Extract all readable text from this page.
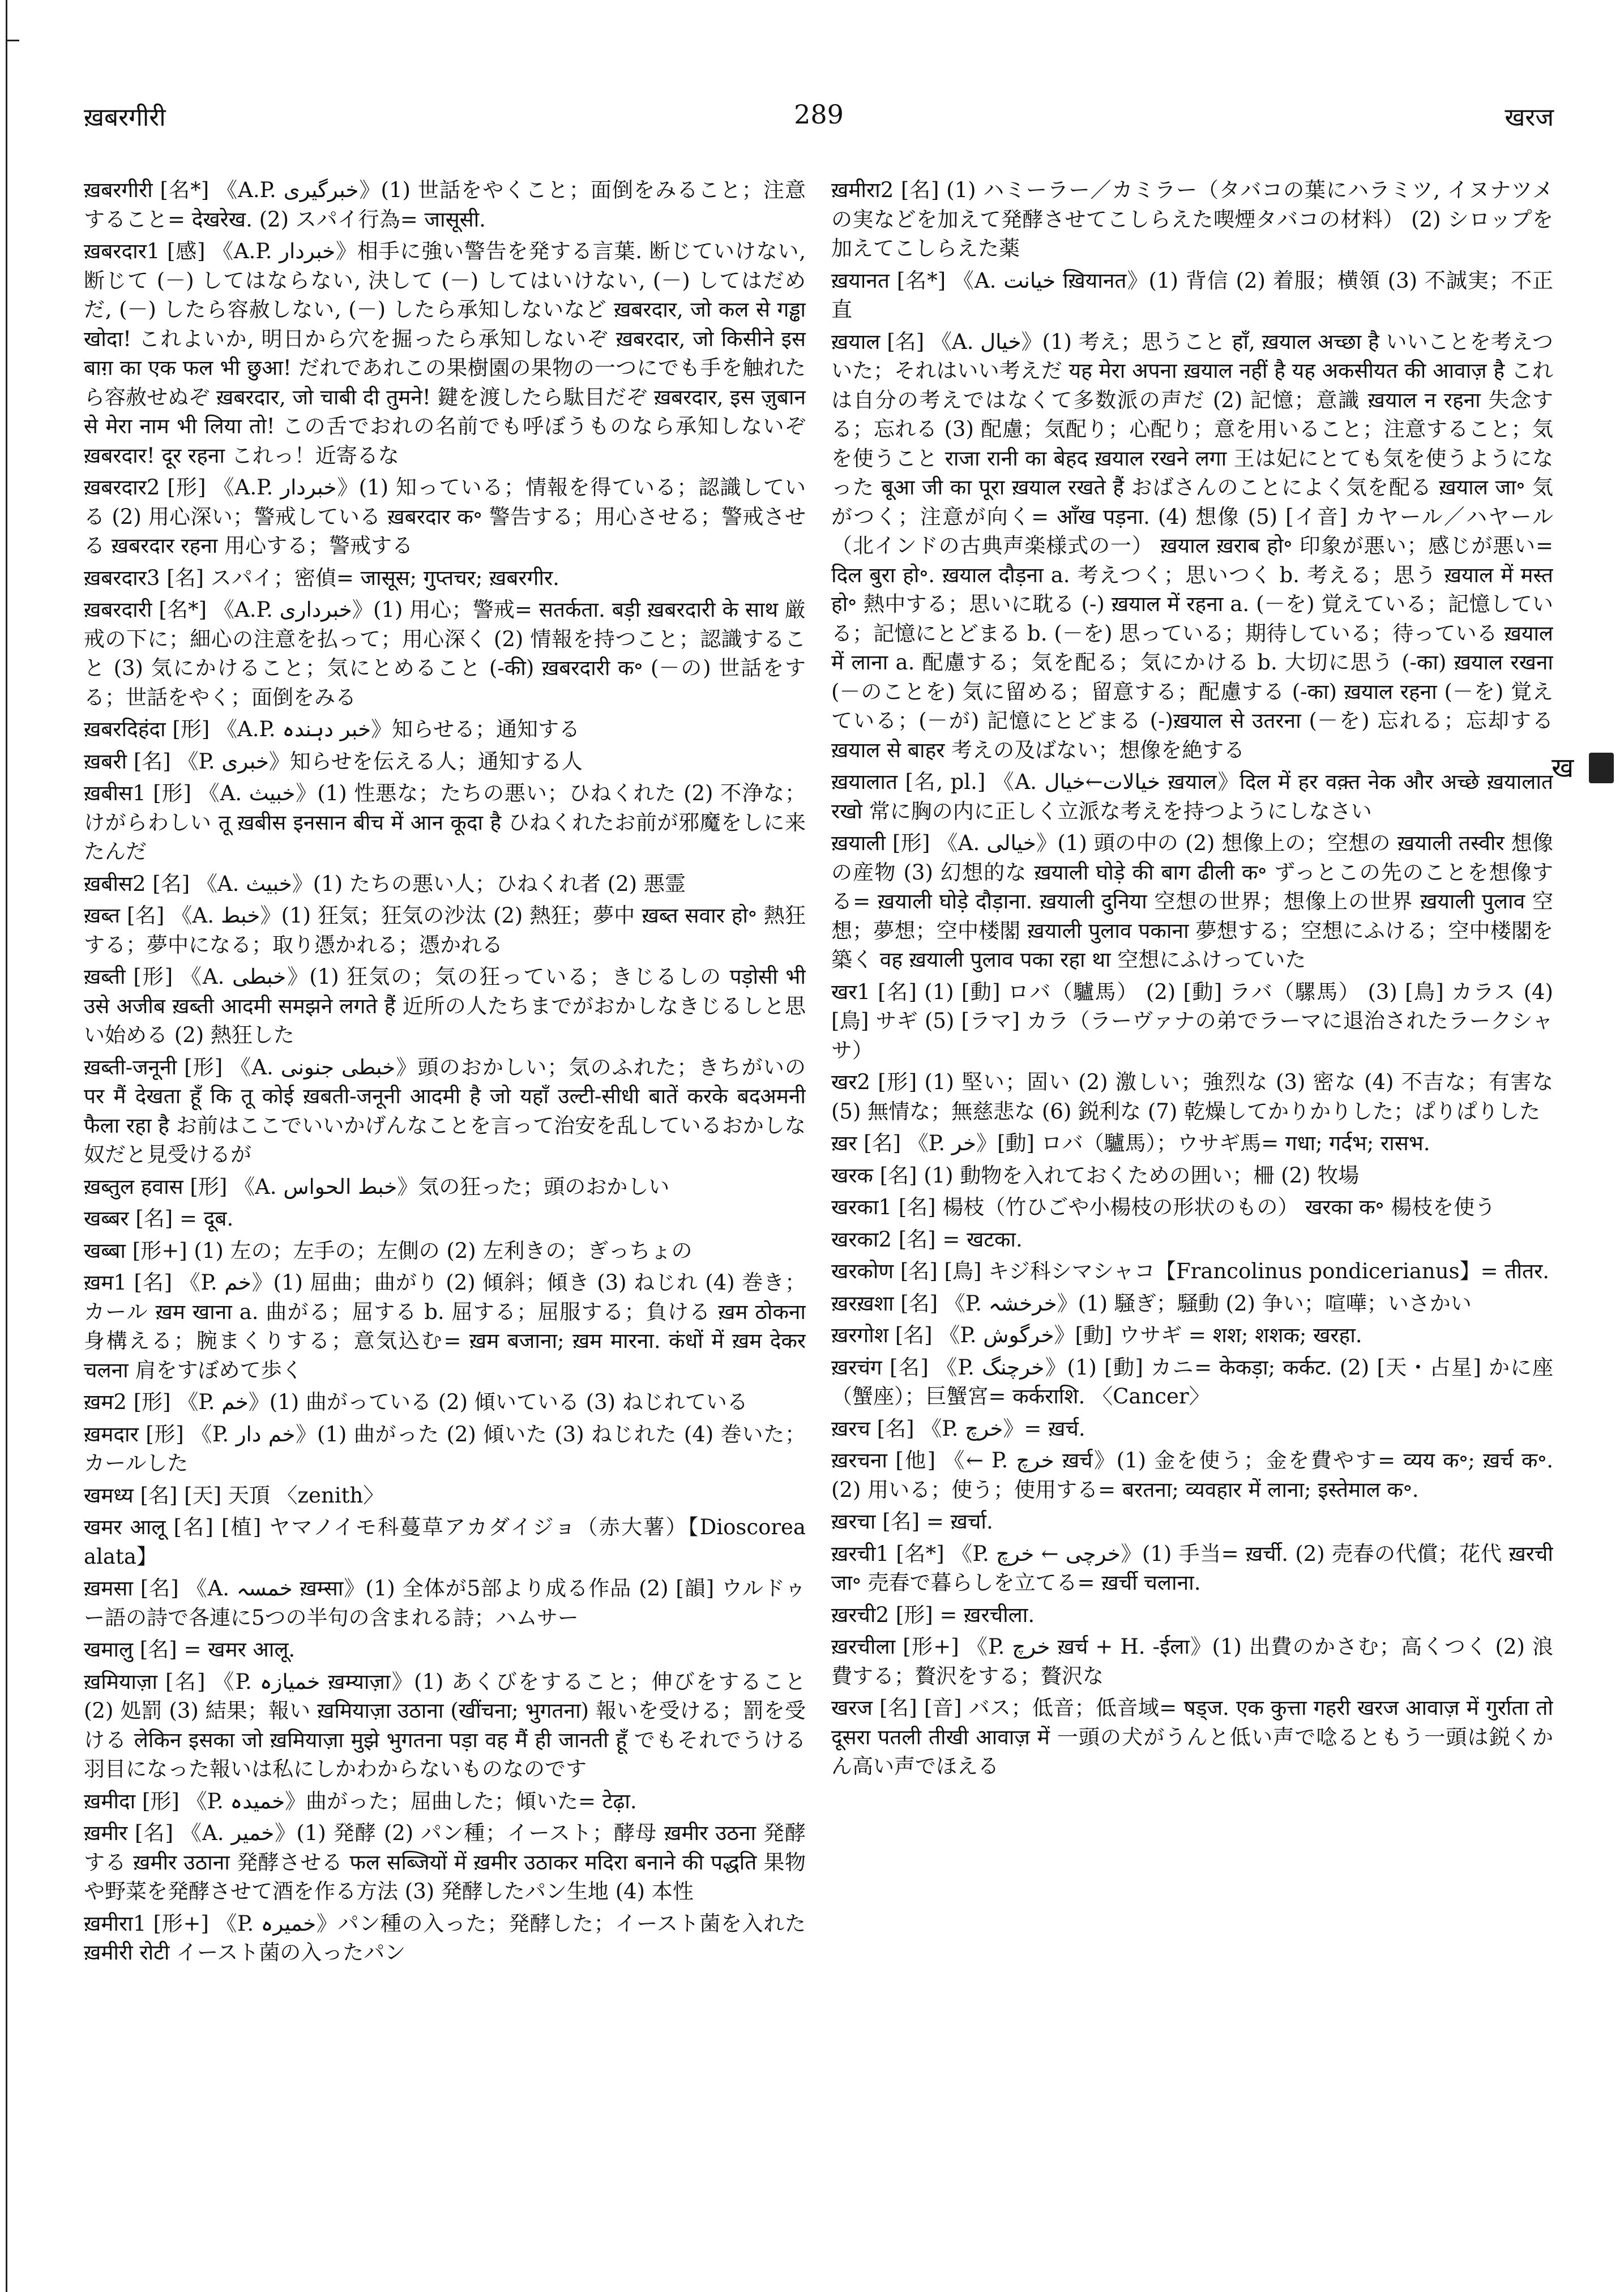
ख़बरगीरी	289	खरज

ख़बरगीरी [名*] 《A.P. خبرگیری》(1) 世話をやくこと；面倒をみること；注意すること= देखरेख. (2) スパイ行為= जासूसी.

ख़बरदार1 [感] 《A.P. خبردار》相手に強い警告を発する言葉. 断じていけない, 断じて (－) してはならない, 決して (－) してはいけない, (－) してはだめだ, (－) したら容赦しない, (－) したら承知しないなど ख़बरदार, जो कल से गड्ढा खोदा! これよいか, 明日から穴を掘ったら承知しないぞ ख़बरदार, जो किसीने इस बाग़ का एक फल भी छुआ! だれであれこの果樹園の果物の一つにでも手を触れたら容赦せぬぞ ख़बरदार, जो चाबी दी तुमने! 鍵を渡したら駄目だぞ ख़बरदार, इस ज़ुबान से मेरा नाम भी लिया तो! この舌でおれの名前でも呼ぼうものなら承知しないぞ ख़बरदार! दूर रहना これっ！近寄るな

ख़बरदार2 [形] 《A.P. خبردار》(1) 知っている；情報を得ている；認識している (2) 用心深い；警戒している ख़बरदार क॰ 警告する；用心させる；警戒させる ख़बरदार रहना 用心する；警戒する

ख़बरदार3 [名] スパイ；密偵= जासूस; गुप्तचर; ख़बरगीर.

ख़बरदारी [名*] 《A.P. خبرداری》(1) 用心；警戒= सतर्कता. बड़ी ख़बरदारी के साथ 厳戒の下に；細心の注意を払って；用心深く (2) 情報を持つこと；認識すること (3) 気にかけること；気にとめること (-की) ख़बरदारी क॰ (－の) 世話をする；世話をやく；面倒をみる

ख़बरदिहंदा [形] 《A.P. خبر دہندہ》知らせる；通知する

ख़बरी [名] 《P. خبری》知らせを伝える人；通知する人

ख़बीस1 [形] 《A. خبیث》(1) 性悪な；たちの悪い；ひねくれた (2) 不浄な；けがらわしい तू ख़बीस इनसान बीच में आन कूदा है ひねくれたお前が邪魔をしに来たんだ

ख़बीस2 [名] 《A. خبیث》(1) たちの悪い人；ひねくれ者 (2) 悪霊

ख़ब्त [名] 《A. خبط》(1) 狂気；狂気の沙汰 (2) 熱狂；夢中 ख़ब्त सवार हो॰ 熱狂する；夢中になる；取り憑かれる；憑かれる

ख़ब्ती [形] 《A. خبطی》(1) 狂気の；気の狂っている；きじるしの पड़ोसी भी उसे अजीब ख़ब्ती आदमी समझने लगते हैं 近所の人たちまでがおかしなきじるしと思い始める (2) 熱狂した

ख़ब्ती-जनूनी [形] 《A. خبطی جنونی》頭のおかしい；気のふれた；きちがいの पर मैं देखता हूँ कि तू कोई ख़बती-जनूनी आदमी है जो यहाँ उल्टी-सीधी बातें करके बदअमनी फैला रहा है お前はここでいいかげんなことを言って治安を乱しているおかしな奴だと見受けるが

ख़ब्तुल हवास [形] 《A. خبط الحواس》気の狂った；頭のおかしい

खब्बर [名] = दूब.

खब्बा [形+] (1) 左の；左手の；左側の (2) 左利きの；ぎっちょの

ख़म1 [名] 《P. خم》(1) 屈曲；曲がり (2) 傾斜；傾き (3) ねじれ (4) 巻き；カール ख़म खाना a. 曲がる；屈する b. 屈する；屈服する；負ける ख़म ठोकना 身構える；腕まくりする；意気込む= ख़म बजाना; ख़म मारना. कंधों में ख़म देकर चलना 肩をすぼめて歩く

ख़म2 [形] 《P. خم》(1) 曲がっている (2) 傾いている (3) ねじれている

ख़मदार [形] 《P. خم دار》(1) 曲がった (2) 傾いた (3) ねじれた (4) 巻いた；カールした

खमध्य [名] [天] 天頂 〈zenith〉

खमर आलू [名] [植] ヤマノイモ科蔓草アカダイジョ（赤大薯）【Dioscorea alata】

ख़मसा [名] 《A. خمسہ ख़म्सा》(1) 全体が5部より成る作品 (2) [韻] ウルドゥー語の詩で各連に5つの半句の含まれる詩；ハムサー

खमालु [名] = खमर आलू.

ख़मियाज़ा [名] 《P. خمیازہ ख़म्याज़ा》(1) あくびをすること；伸びをすること (2) 処罰 (3) 結果；報い ख़मियाज़ा उठाना (खींचना; भुगतना) 報いを受ける；罰を受ける लेकिन इसका जो ख़मियाज़ा मुझे भुगतना पड़ा वह मैं ही जानती हूँ でもそれでうける羽目になった報いは私にしかわからないものなのです

ख़मीदा [形] 《P. خمیدہ》曲がった；屈曲した；傾いた= टेढ़ा.

ख़मीर [名] 《A. خمیر》(1) 発酵 (2) パン種；イースト；酵母 ख़मीर उठना 発酵する ख़मीर उठाना 発酵させる फल सब्जियों में ख़मीर उठाकर मदिरा बनाने की पद्धति 果物や野菜を発酵させて酒を作る方法 (3) 発酵したパン生地 (4) 本性

ख़मीरा1 [形+] 《P. خمیرہ》パン種の入った；発酵した；イースト菌を入れた ख़मीरी रोटी イースト菌の入ったパン

ख़मीरा2 [名] (1) ハミーラー／カミラー（タバコの葉にハラミツ, イヌナツメの実などを加えて発酵させてこしらえた喫煙タバコの材料） (2) シロップを加えてこしらえた薬

ख़यानत [名*] 《A. خیانت ख़ियानत》(1) 背信 (2) 着服；横領 (3) 不誠実；不正直

ख़याल [名] 《A. خیال》(1) 考え；思うこと हाँ, ख़याल अच्छा है いいことを考えついた；それはいい考えだ यह मेरा अपना ख़याल नहीं है यह अकसीयत की आवाज़ है これは自分の考えではなくて多数派の声だ (2) 記憶；意識 ख़याल न रहना 失念する；忘れる (3) 配慮；気配り；心配り；意を用いること；注意すること；気を使うこと राजा रानी का बेहद ख़याल रखने लगा 王は妃にとても気を使うようになった बूआ जी का पूरा ख़याल रखते हैं おばさんのことによく気を配る ख़याल जा॰ 気がつく；注意が向く= आँख पड़ना. (4) 想像 (5) [イ音] カヤール／ハヤール（北インドの古典声楽様式の一） ख़याल ख़राब हो॰ 印象が悪い；感じが悪い= दिल बुरा हो॰. ख़याल दौड़ना a. 考えつく；思いつく b. 考える；思う ख़याल में मस्त हो॰ 熱中する；思いに耽る (-) ख़याल में रहना a. (－を) 覚えている；記憶している；記憶にとどまる b. (－を) 思っている；期待している；待っている ख़याल में लाना a. 配慮する；気を配る；気にかける b. 大切に思う (-का) ख़याल रखना (－のことを) 気に留める；留意する；配慮する (-का) ख़याल रहना (－を) 覚えている；(－が) 記憶にとどまる (-)ख़याल से उतरना (－を) 忘れる；忘却する ख़याल से बाहर 考えの及ばない；想像を絶する

ख़यालात [名, pl.] 《A. خیالات←خیال ख़याल》दिल में हर वक़्त नेक और अच्छे ख़यालात रखो 常に胸の内に正しく立派な考えを持つようにしなさい

ख़याली [形] 《A. خیالی》(1) 頭の中の (2) 想像上の；空想の ख़याली तस्वीर 想像の産物 (3) 幻想的な ख़याली घोड़े की बाग ढीली क॰ ずっとこの先のことを想像する= ख़याली घोड़े दौड़ाना. ख़याली दुनिया 空想の世界；想像上の世界 ख़याली पुलाव 空想；夢想；空中楼閣 ख़याली पुलाव पकाना 夢想する；空想にふける；空中楼閣を築く वह ख़याली पुलाव पका रहा था 空想にふけっていた

खर1 [名] (1) [動] ロバ（驢馬） (2) [動] ラバ（騾馬） (3) [鳥] カラス (4) [鳥] サギ (5) [ラマ] カラ（ラーヴァナの弟でラーマに退治されたラークシャサ）

खर2 [形] (1) 堅い；固い (2) 激しい；強烈な (3) 密な (4) 不吉な；有害な (5) 無情な；無慈悲な (6) 鋭利な (7) 乾燥してかりかりした；ぱりぱりした

ख़र [名] 《P. خر》[動] ロバ（驢馬）；ウサギ馬= गधा; गर्दभ; रासभ.

खरक [名] (1) 動物を入れておくための囲い；柵 (2) 牧場

खरका1 [名] 楊枝（竹ひごや小楊枝の形状のもの） खरका क॰ 楊枝を使う

खरका2 [名] = खटका.

खरकोण [名] [鳥] キジ科シマシャコ【Francolinus pondicerianus】= तीतर.

ख़रख़शा [名] 《P. خرخشہ》(1) 騒ぎ；騒動 (2) 争い；喧嘩；いさかい

ख़रगोश [名] 《P. خرگوش》[動] ウサギ = शश; शशक; खरहा.

ख़रचंग [名] 《P. خرچنگ》(1) [動] カニ= केकड़ा; कर्कट. (2) [天・占星] かに座（蟹座）；巨蟹宮= कर्कराशि. 〈Cancer〉

ख़रच [名] 《P. خرچ》= ख़र्च.

ख़रचना [他] 《← P. خرچ ख़र्च》(1) 金を使う；金を費やす= व्यय क॰; ख़र्च क॰. (2) 用いる；使う；使用する= बरतना; व्यवहार में लाना; इस्तेमाल क॰.

ख़रचा [名] = ख़र्चा.

ख़रची1 [名*] 《P. خرچی ← خرچ》(1) 手当= ख़र्ची. (2) 売春の代償；花代 ख़रची जा॰ 売春で暮らしを立てる= ख़र्ची चलाना.

ख़रची2 [形] = ख़रचीला.

ख़रचीला [形+] 《P. خرچ ख़र्च + H. -ईला》(1) 出費のかさむ；高くつく (2) 浪費する；贅沢をする；贅沢な

खरज [名] [音] バス；低音；低音域= षड्ज. एक कुत्ता गहरी खरज आवाज़ में गुर्राता तो दूसरा पतली तीखी आवाज़ में 一頭の犬がうんと低い声で唸るともう一頭は鋭くかん高い声でほえる

ख
